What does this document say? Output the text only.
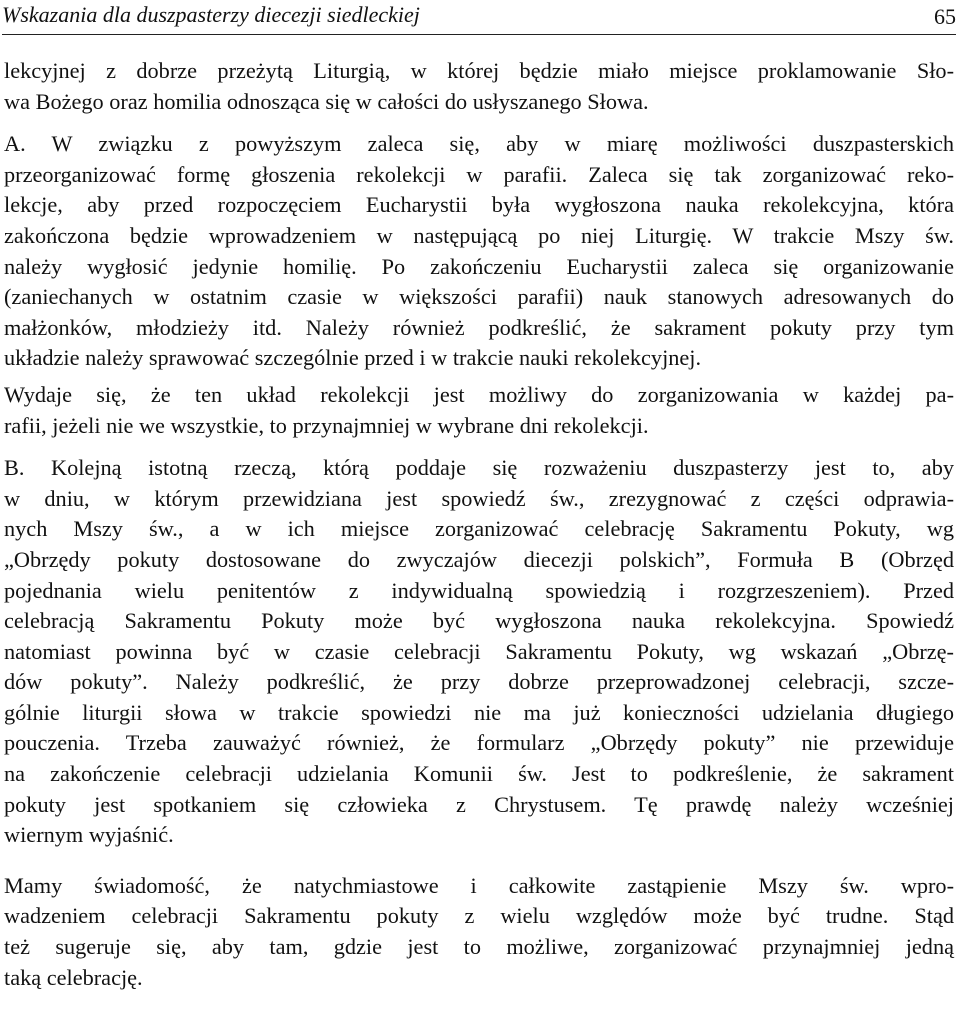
Wskazania dla duszpasterzy diecezji siedleckiej	65

lekcyjnej z dobrze przeżytą Liturgią, w której będzie miało miejsce proklamowanie Sło-
wa Bożego oraz homilia odnosząca się w całości do usłyszanego Słowa.

A. W związku z powyższym zaleca się, aby w miarę możliwości duszpasterskich
przeorganizować formę głoszenia rekolekcji w parafii. Zaleca się tak zorganizować reko-
lekcje, aby przed rozpoczęciem Eucharystii była wygłoszona nauka rekolekcyjna, która
zakończona będzie wprowadzeniem w następującą po niej Liturgię. W trakcie Mszy św.
należy wygłosić jedynie homilię. Po zakończeniu Eucharystii zaleca się organizowanie
(zaniechanych w ostatnim czasie w większości parafii) nauk stanowych adresowanych do
małżonków, młodzieży itd. Należy również podkreślić, że sakrament pokuty przy tym
układzie należy sprawować szczególnie przed i w trakcie nauki rekolekcyjnej.

Wydaje się, że ten układ rekolekcji jest możliwy do zorganizowania w każdej pa-
rafii, jeżeli nie we wszystkie, to przynajmniej w wybrane dni rekolekcji.

B. Kolejną istotną rzeczą, którą poddaje się rozważeniu duszpasterzy jest to, aby
w dniu, w którym przewidziana jest spowiedź św., zrezygnować z części odprawia-
nych Mszy św., a w ich miejsce zorganizować celebrację Sakramentu Pokuty, wg
„Obrzędy pokuty dostosowane do zwyczajów diecezji polskich”, Formuła B (Obrzęd
pojednania wielu penitentów z indywidualną spowiedzią i rozgrzeszeniem). Przed
celebracją Sakramentu Pokuty może być wygłoszona nauka rekolekcyjna. Spowiedź
natomiast powinna być w czasie celebracji Sakramentu Pokuty, wg wskazań „Obrzę-
dów pokuty”. Należy podkreślić, że przy dobrze przeprowadzonej celebracji, szcze-
gólnie liturgii słowa w trakcie spowiedzi nie ma już konieczności udzielania długiego
pouczenia. Trzeba zauważyć również, że formularz „Obrzędy pokuty” nie przewiduje
na zakończenie celebracji udzielania Komunii św. Jest to podkreślenie, że sakrament
pokuty jest spotkaniem się człowieka z Chrystusem. Tę prawdę należy wcześniej
wiernym wyjaśnić.

Mamy świadomość, że natychmiastowe i całkowite zastąpienie Mszy św. wpro-
wadzeniem celebracji Sakramentu pokuty z wielu względów może być trudne. Stąd
też sugeruje się, aby tam, gdzie jest to możliwe, zorganizować przynajmniej jedną
taką celebrację.
